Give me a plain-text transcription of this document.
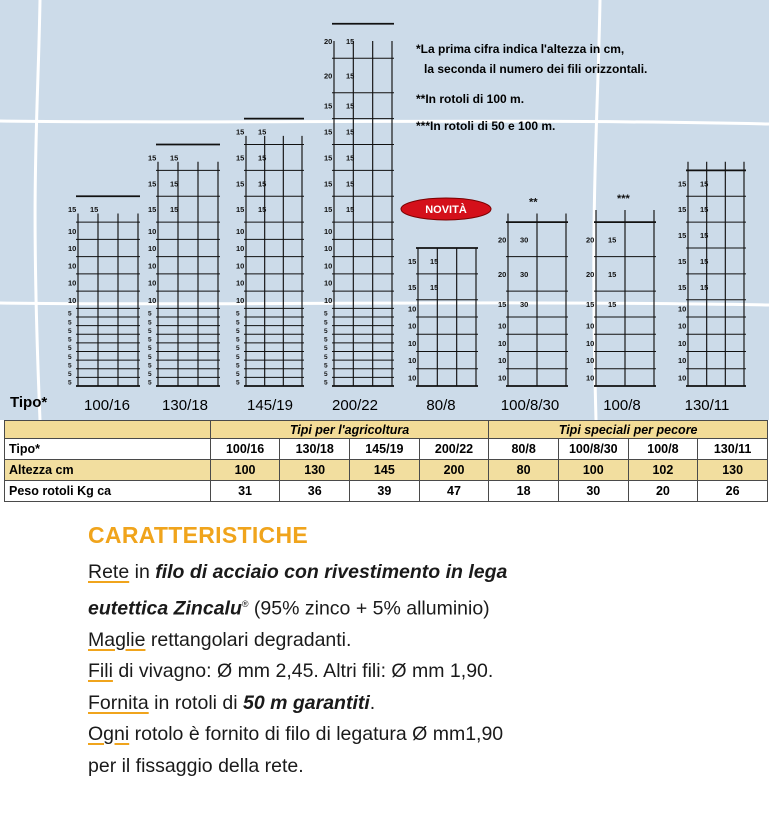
5
5
5
5
5
5
5
5
5
10
10
10
10
10
15 15
5
5
5
5
5
5
5
5
5
10
10
10
10
10
15 15
15 15
15 15
5
5
5
5
5
5
5
5
5
10
10
10
10
10
15 15
15 15
15 15
15 15
5
5
5
5
5
5
5
5
5
10
10
10
10
10
15 15
15 15
15 15
15 15
15 15
20 15
20 15
10
10
10
10
10
15 15
15 15
10
10
10
10
15 30
20 30
20 30
**
10
10
10
10
15 15
20 15
20 15
***
10
10
10
10
10
15 15
15 15
15 15
15 15
15 15
NOVITÀ
*La prima cifra indica l'altezza in cm,
la seconda il numero dei fili orizzontali.
**In rotoli di 100 m.
***In rotoli di 50 e 100 m.
Tipo*	100/16	130/18	145/19	200/22	80/8	100/8/30	100/8	130/11
	Tipi per l'agricoltura				Tipi speciali per pecore			
Tipo*	100/16	130/18	145/19	200/22	80/8	100/8/30	100/8	130/11
Altezza cm	100	130	145	200	80	100	102	130
Peso rotoli Kg ca	31	36	39	47	18	30	20	26
CARATTERISTICHE

Rete in filo di acciaio con rivestimento in lega

eutettica Zincalu® (95% zinco + 5% alluminio)

Maglie rettangolari degradanti.

Fili di vivagno: Ø mm 2,45. Altri fili: Ø mm 1,90.

Fornita in rotoli di 50 m garantiti.

Ogni rotolo è fornito di filo di legatura Ø mm1,90

per il fissaggio della rete.
